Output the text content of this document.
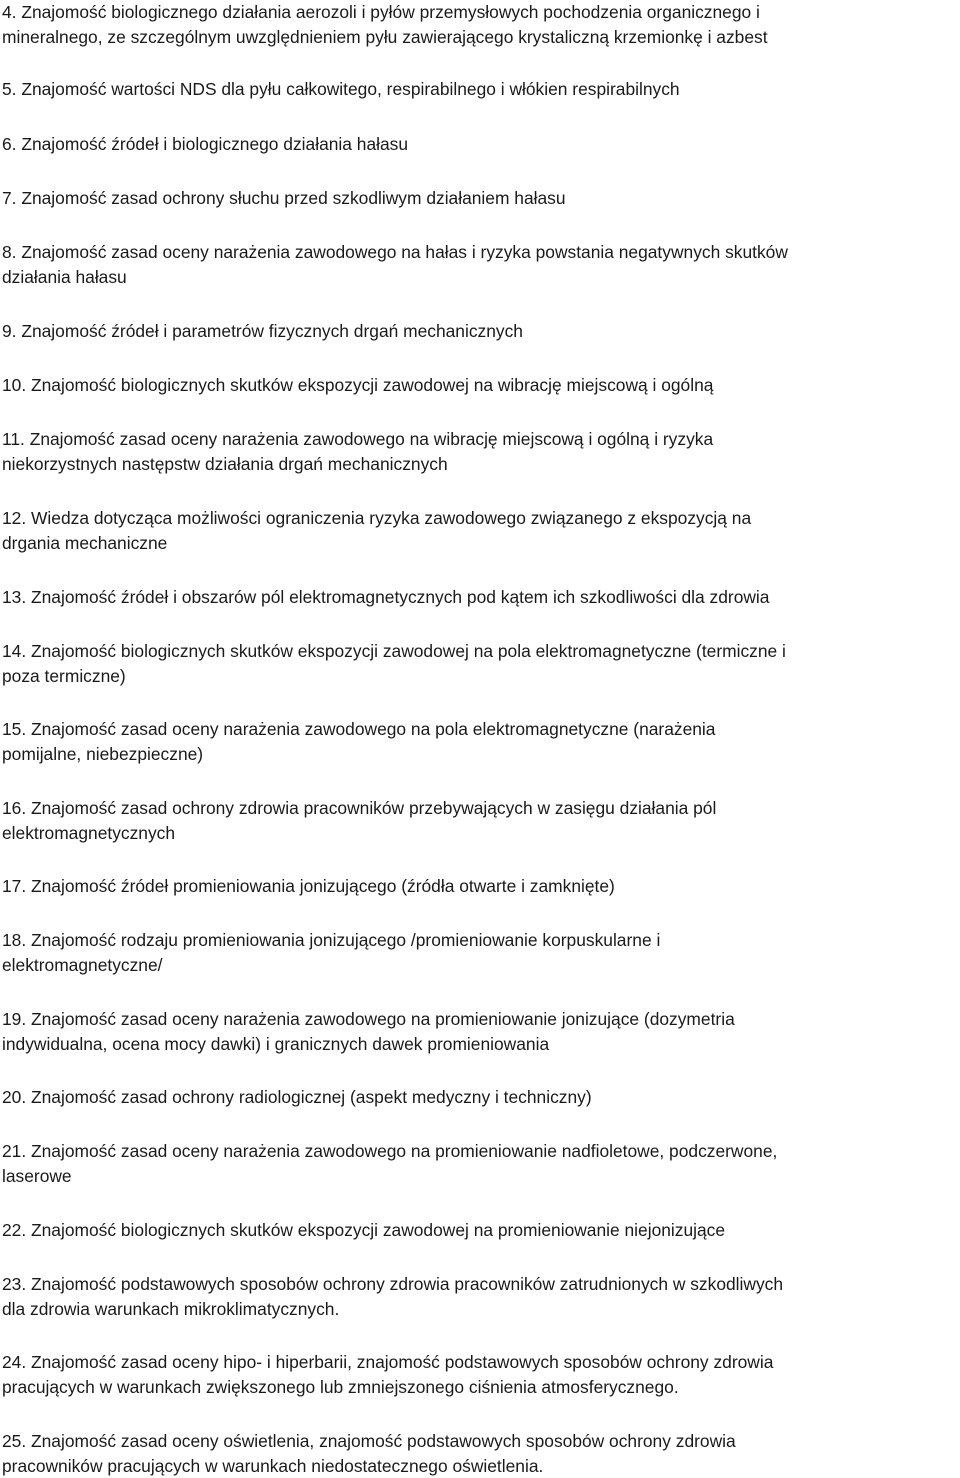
4. Znajomość biologicznego działania aerozoli i pyłów przemysłowych pochodzenia organicznego i
mineralnego, ze szczególnym uwzględnieniem pyłu zawierającego krystaliczną krzemionkę i azbest

5. Znajomość wartości NDS dla pyłu całkowitego, respirabilnego i włókien respirabilnych

6. Znajomość źródeł i biologicznego działania hałasu

7. Znajomość zasad ochrony słuchu przed szkodliwym działaniem hałasu

8. Znajomość zasad oceny narażenia zawodowego na hałas i ryzyka powstania negatywnych skutków
działania hałasu

9. Znajomość źródeł i parametrów fizycznych drgań mechanicznych

10. Znajomość biologicznych skutków ekspozycji zawodowej na wibrację miejscową i ogólną

11. Znajomość zasad oceny narażenia zawodowego na wibrację miejscową i ogólną i ryzyka
niekorzystnych następstw działania drgań mechanicznych

12. Wiedza dotycząca możliwości ograniczenia ryzyka zawodowego związanego z ekspozycją na
drgania mechaniczne

13. Znajomość źródeł i obszarów pól elektromagnetycznych pod kątem ich szkodliwości dla zdrowia

14. Znajomość biologicznych skutków ekspozycji zawodowej na pola elektromagnetyczne (termiczne i
poza termiczne)

15. Znajomość zasad oceny narażenia zawodowego na pola elektromagnetyczne (narażenia
pomijalne, niebezpieczne)

16. Znajomość zasad ochrony zdrowia pracowników przebywających w zasięgu działania pól
elektromagnetycznych

17. Znajomość źródeł promieniowania jonizującego (źródła otwarte i zamknięte)

18. Znajomość rodzaju promieniowania jonizującego /promieniowanie korpuskularne i
elektromagnetyczne/

19. Znajomość zasad oceny narażenia zawodowego na promieniowanie jonizujące (dozymetria
indywidualna, ocena mocy dawki) i granicznych dawek promieniowania

20. Znajomość zasad ochrony radiologicznej (aspekt medyczny i techniczny)

21. Znajomość zasad oceny narażenia zawodowego na promieniowanie nadfioletowe, podczerwone,
laserowe

22. Znajomość biologicznych skutków ekspozycji zawodowej na promieniowanie niejonizujące

23. Znajomość podstawowych sposobów ochrony zdrowia pracowników zatrudnionych w szkodliwych
dla zdrowia warunkach mikroklimatycznych.

24. Znajomość zasad oceny hipo- i hiperbarii, znajomość podstawowych sposobów ochrony zdrowia
pracujących w warunkach zwiększonego lub zmniejszonego ciśnienia atmosferycznego.

25. Znajomość zasad oceny oświetlenia, znajomość podstawowych sposobów ochrony zdrowia
pracowników pracujących w warunkach niedostatecznego oświetlenia.
